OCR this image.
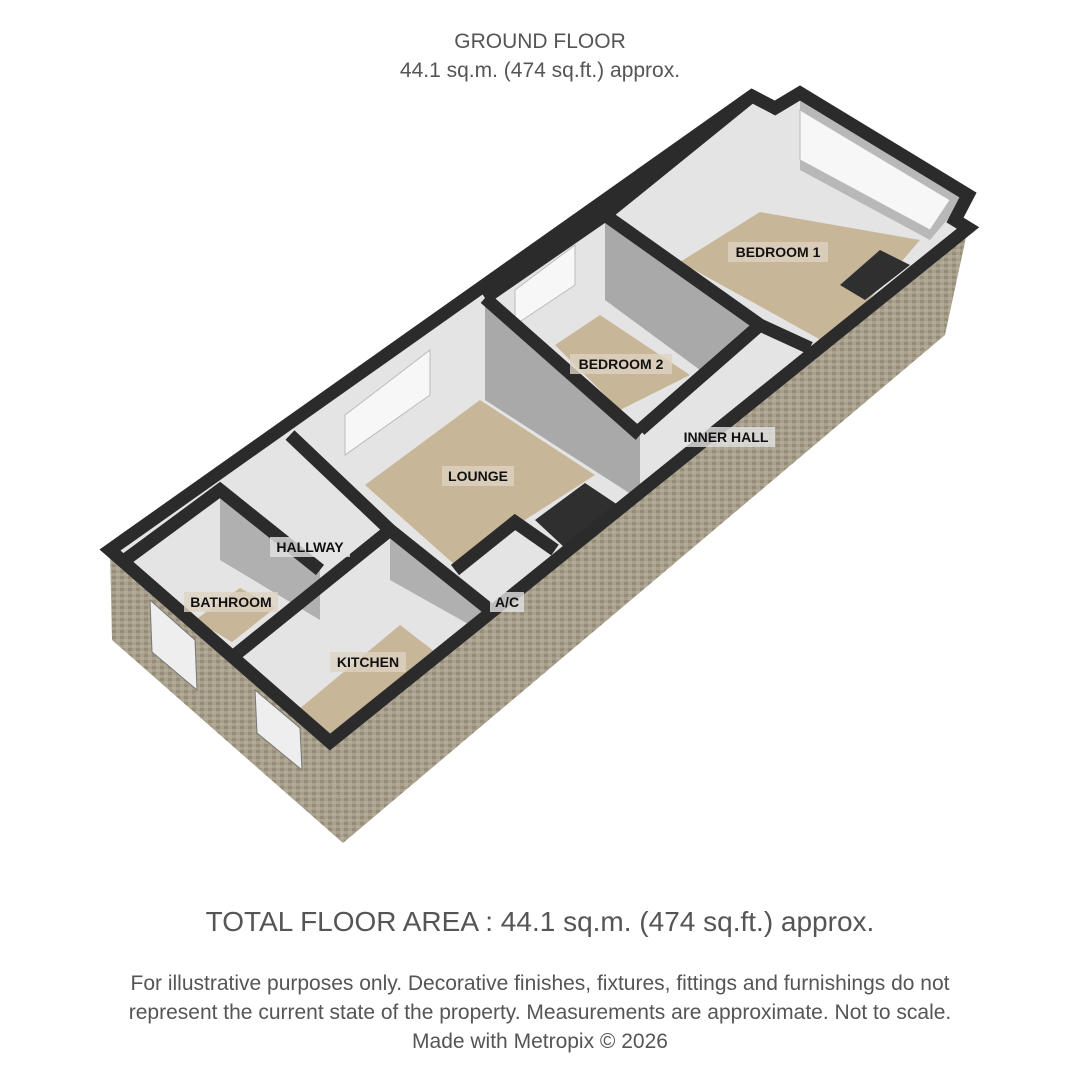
GROUND FLOOR
44.1 sq.m. (474 sq.ft.) approx.
BEDROOM 1
BEDROOM 2
INNER HALL
LOUNGE
HALLWAY
BATHROOM	A/C
KITCHEN
TOTAL FLOOR AREA : 44.1 sq.m. (474 sq.ft.) approx.
For illustrative purposes only. Decorative finishes, fixtures, fittings and furnishings do not
represent the current state of the property. Measurements are approximate. Not to scale.
Made with Metropix © 2026
